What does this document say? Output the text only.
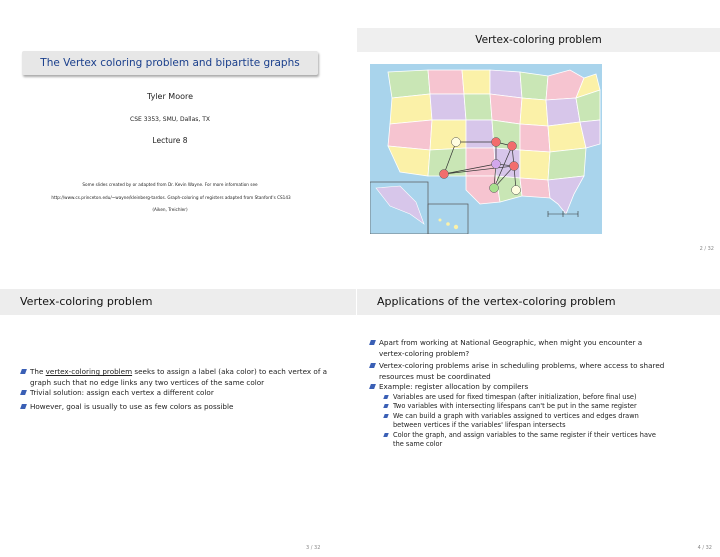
The Vertex coloring problem and bipartite graphs
Tyler Moore
CSE 3353, SMU, Dallas, TX
Lecture 8
Some slides created by or adapted from Dr. Kevin Wayne. For more information see
http://www.cs.princeton.edu/~wayne/kleinberg-tardos. Graph-coloring of registers adapted from Stanford's CS143
(Aiken, Treichler)
Vertex-coloring problem
2 / 32
Vertex-coloring problem
The vertex-coloring problem seeks to assign a label (aka color) to each vertex of a graph such that no edge links any two vertices of the same color
Trivial solution: assign each vertex a different color
However, goal is usually to use as few colors as possible
3 / 32
Applications of the vertex-coloring problem
Apart from working at National Geographic, when might you encounter a vertex-coloring problem?
Vertex-coloring problems arise in scheduling problems, where access to shared resources must be coordinated
Example: register allocation by compilers
Variables are used for fixed timespan (after initialization, before final use)
Two variables with intersecting lifespans can't be put in the same register
We can build a graph with variables assigned to vertices and edges drawn between vertices if the variables' lifespan intersects
Color the graph, and assign variables to the same register if their vertices have the same color
4 / 32
